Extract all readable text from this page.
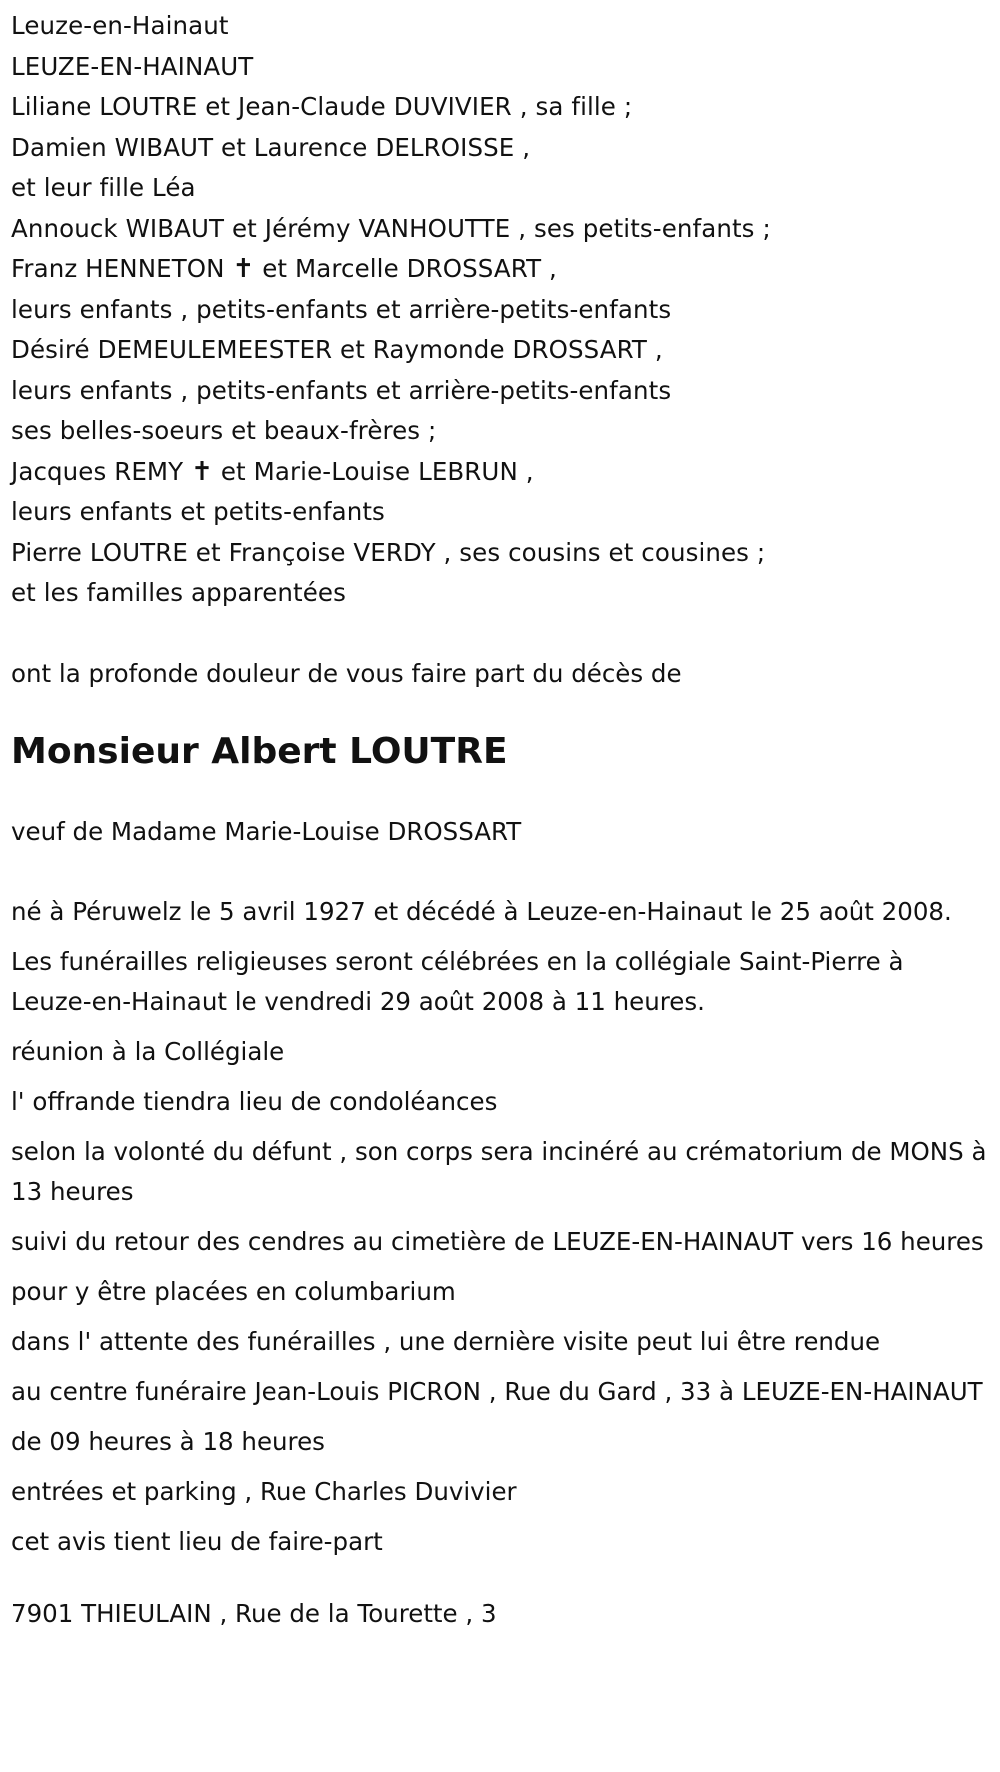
Leuze-en-Hainaut
LEUZE-EN-HAINAUT
Liliane LOUTRE et Jean-Claude DUVIVIER , sa fille ;
Damien WIBAUT et Laurence DELROISSE ,
et leur fille Léa
Annouck WIBAUT et Jérémy VANHOUTTE , ses petits-enfants ;
Franz HENNETON ✝ et Marcelle DROSSART ,
leurs enfants , petits-enfants et arrière-petits-enfants
Désiré DEMEULEMEESTER et Raymonde DROSSART ,
leurs enfants , petits-enfants et arrière-petits-enfants
ses belles-soeurs et beaux-frères ;
Jacques REMY ✝ et Marie-Louise LEBRUN ,
leurs enfants et petits-enfants
Pierre LOUTRE et Françoise VERDY , ses cousins et cousines ;
et les familles apparentées
ont la profonde douleur de vous faire part du décès de
Monsieur Albert LOUTRE
veuf de Madame Marie-Louise DROSSART
né à Péruwelz le 5 avril 1927 et décédé à Leuze-en-Hainaut le 25 août 2008.
Les funérailles religieuses seront célébrées en la collégiale Saint-Pierre à Leuze-en-Hainaut le vendredi 29 août 2008 à 11 heures.
réunion à la Collégiale
l' offrande tiendra lieu de condoléances
selon la volonté du défunt , son corps sera incinéré au crématorium de MONS à 13 heures
suivi du retour des cendres au cimetière de LEUZE-EN-HAINAUT vers 16 heures
pour y être placées en columbarium
dans l' attente des funérailles , une dernière visite peut lui être rendue
au centre funéraire Jean-Louis PICRON , Rue du Gard , 33 à LEUZE-EN-HAINAUT
de 09 heures à 18 heures
entrées et parking , Rue Charles Duvivier
cet avis tient lieu de faire-part
7901 THIEULAIN , Rue de la Tourette , 3
